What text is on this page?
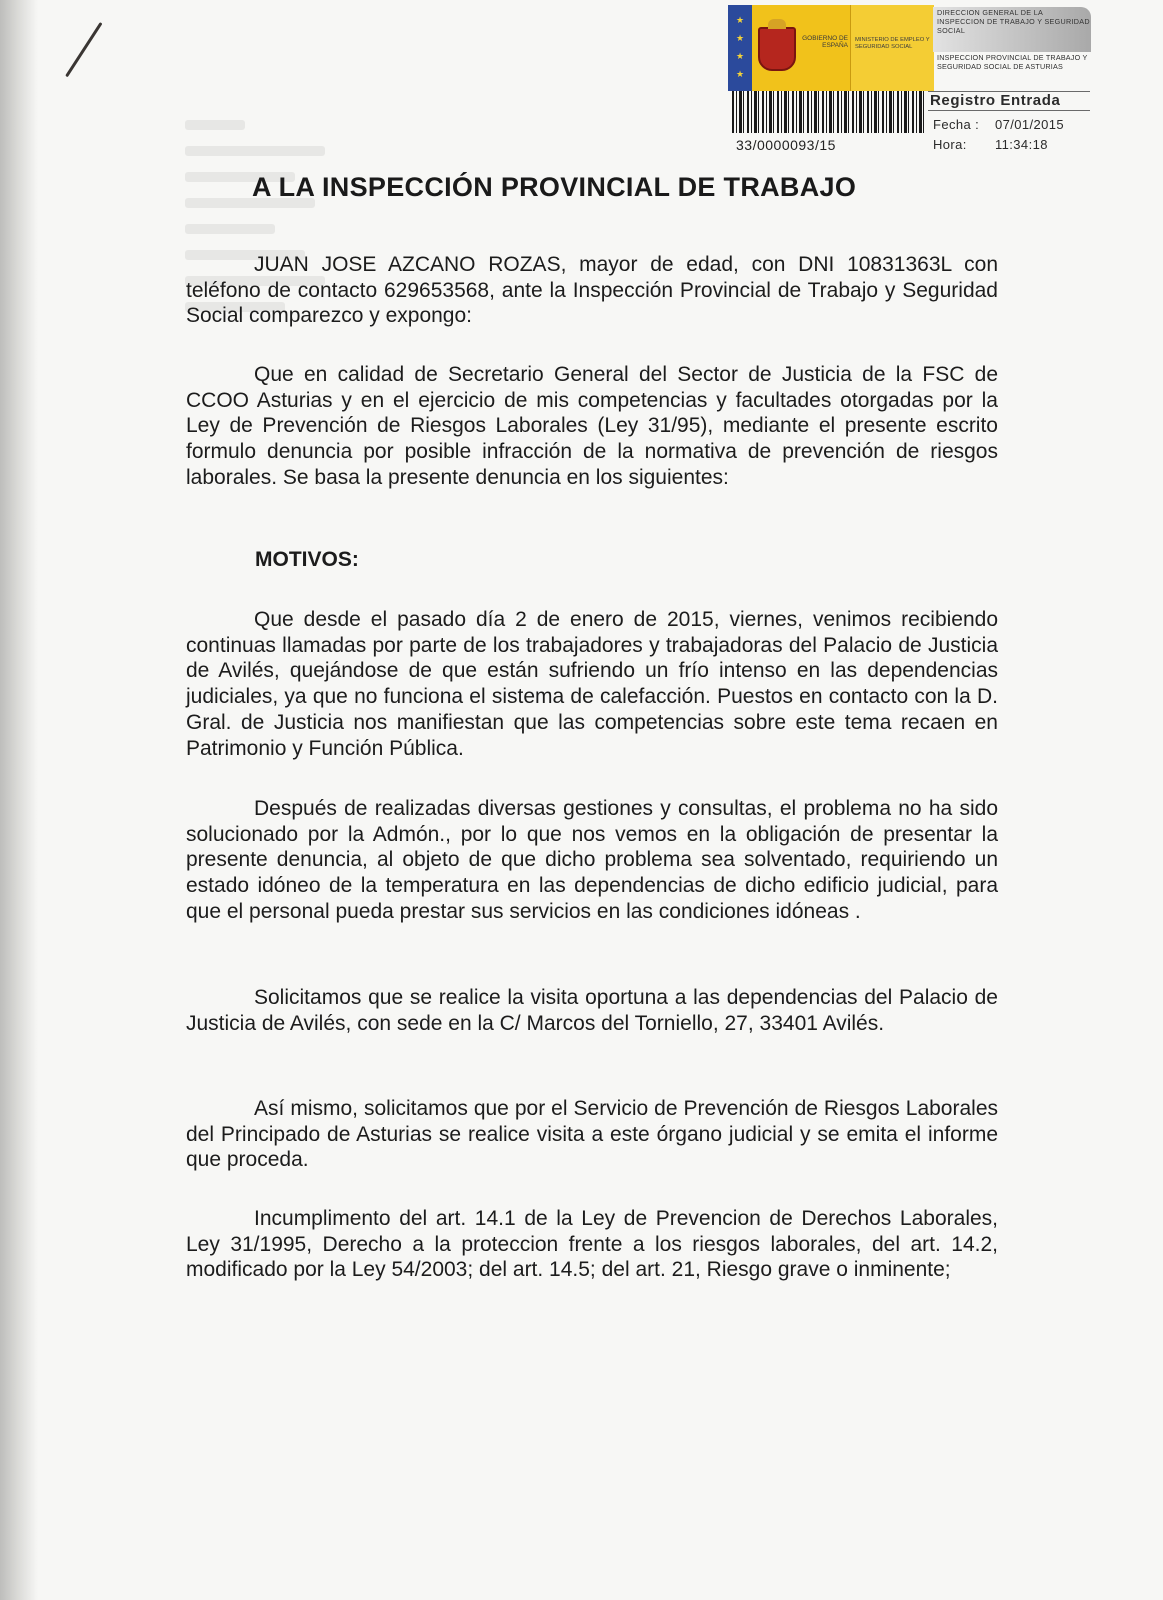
★
★
★
★
GOBIERNO DE ESPAÑA
MINISTERIO DE EMPLEO Y SEGURIDAD SOCIAL
DIRECCION GENERAL DE LA INSPECCION DE TRABAJO Y SEGURIDAD SOCIAL
INSPECCION PROVINCIAL DE TRABAJO Y SEGURIDAD SOCIAL DE ASTURIAS
33/0000093/15
Registro Entrada
Fecha : 07/01/2015
Hora: 11:34:18
A LA INSPECCIÓN PROVINCIAL DE TRABAJO

JUAN JOSE AZCANO ROZAS, mayor de edad, con DNI 10831363L con teléfono de contacto 629653568, ante la Inspección Provincial de Trabajo y Seguridad Social comparezco y expongo:

Que en calidad de Secretario General del Sector de Justicia de la FSC de CCOO Asturias y en el ejercicio de mis competencias y facultades otorgadas por la Ley de Prevención de Riesgos Laborales (Ley 31/95), mediante el presente escrito formulo denuncia por posible infracción de la normativa de prevención de riesgos laborales. Se basa la presente denuncia en los siguientes:

MOTIVOS:

Que desde el pasado día 2 de enero de 2015, viernes, venimos recibiendo continuas llamadas por parte de los trabajadores y trabajadoras del Palacio de Justicia de Avilés, quejándose de que están sufriendo un frío intenso en las dependencias judiciales, ya que no funciona el sistema de calefacción. Puestos en contacto con la D. Gral. de Justicia nos manifiestan que las competencias sobre este tema recaen en Patrimonio y Función Pública.

Después de realizadas diversas gestiones y consultas, el problema no ha sido solucionado por la Admón., por lo que nos vemos en la obligación de presentar la presente denuncia, al objeto de que dicho problema sea solventado, requiriendo un estado idóneo de la temperatura en las dependencias de dicho edificio judicial, para que el personal pueda prestar sus servicios en las condiciones idóneas .

Solicitamos que se realice la visita oportuna a las dependencias del Palacio de Justicia de Avilés, con sede en la C/ Marcos del Torniello, 27, 33401 Avilés.

Así mismo, solicitamos que por el Servicio de Prevención de Riesgos Laborales del Principado de Asturias se realice visita a este órgano judicial y se emita el informe que proceda.

Incumplimento del art. 14.1 de la Ley de Prevencion de Derechos Laborales, Ley 31/1995, Derecho a la proteccion frente a los riesgos laborales, del art. 14.2, modificado por la Ley 54/2003; del art. 14.5; del art. 21, Riesgo grave o inminente;
